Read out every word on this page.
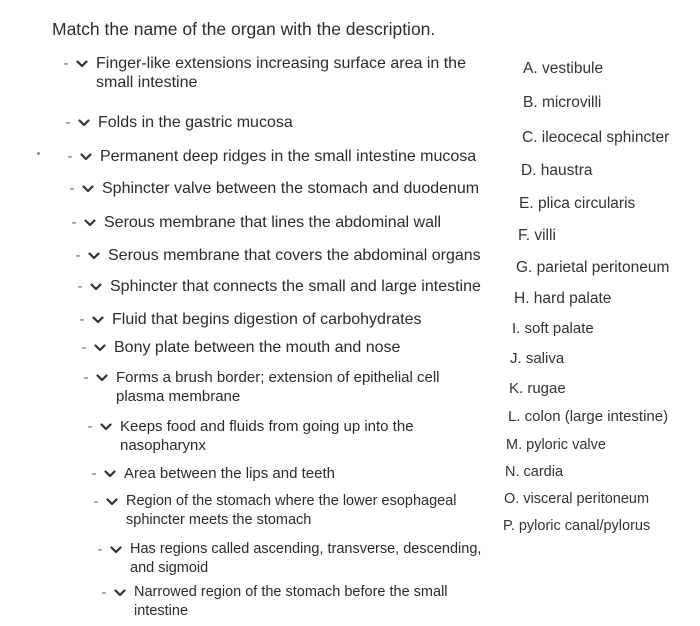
Match the name of the organ with the description.
- Finger-like extensions increasing surface area in the small intestine
- Folds in the gastric mucosa
- Permanent deep ridges in the small intestine mucosa
- Sphincter valve between the stomach and duodenum
- Serous membrane that lines the abdominal wall
- Serous membrane that covers the abdominal organs
- Sphincter that connects the small and large intestine
- Fluid that begins digestion of carbohydrates
- Bony plate between the mouth and nose
- Forms a brush border; extension of epithelial cell plasma membrane
- Keeps food and fluids from going up into the nasopharynx
- Area between the lips and teeth
- Region of the stomach where the lower esophageal sphincter meets the stomach
- Has regions called ascending, transverse, descending, and sigmoid
- Narrowed region of the stomach before the small intestine
A. vestibule
B. microvilli
C. ileocecal sphincter
D. haustra
E. plica circularis
F. villi
G. parietal peritoneum
H. hard palate
I. soft palate
J. saliva
K. rugae
L. colon (large intestine)
M. pyloric valve
N. cardia
O. visceral peritoneum
P. pyloric canal/pylorus
